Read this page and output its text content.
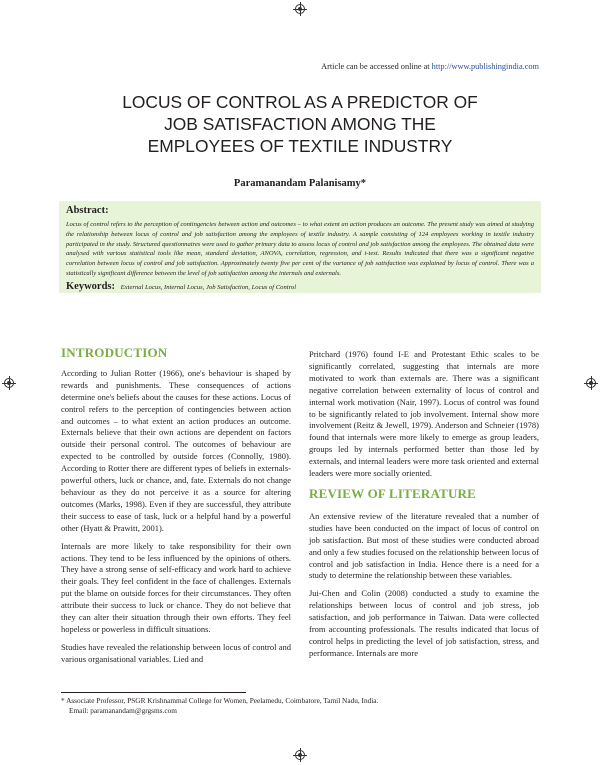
Article can be accessed online at http://www.publishingindia.com
LOCUS OF CONTROL AS A PREDICTOR OF
JOB SATISFACTION AMONG THE
EMPLOYEES OF TEXTILE INDUSTRY
Paramanandam Palanisamy*
Abstract:
Locus of control refers to the perception of contingencies between action and outcomes – to what extent an action produces an outcome. The present study was aimed at studying the relationship between locus of control and job satisfaction among the employees of textile industry. A sample consisting of 124 employees working in textile industry participated in the study. Structured questionnaires were used to gather primary data to assess locus of control and job satisfaction among the employees. The obtained data were analysed with various statistical tools like mean, standard deviation, ANOVA, correlation, regression, and t-test. Results indicated that there was a significant negative correlation between locus of control and job satisfaction. Approximately twenty five per cent of the variance of job satisfaction was explained by locus of control. There was a statistically significant difference between the level of job satisfaction among the internals and externals.
Keywords: External Locus, Internal Locus, Job Satisfaction, Locus of Control
INTRODUCTION

According to Julian Rotter (1966), one's behaviour is shaped by rewards and punishments. These consequences of actions determine one's beliefs about the causes for these actions. Locus of control refers to the perception of contingencies between action and outcomes – to what extent an action produces an outcome. Externals believe that their own actions are dependent on factors outside their personal control. The outcomes of behaviour are expected to be controlled by outside forces (Connolly, 1980). According to Rotter there are different types of beliefs in externals-powerful others, luck or chance, and, fate. Externals do not change behaviour as they do not perceive it as a source for altering outcomes (Marks, 1998). Even if they are successful, they attribute their success to ease of task, luck or a helpful hand by a powerful other (Hyatt & Prawitt, 2001).

Internals are more likely to take responsibility for their own actions. They tend to be less influenced by the opinions of others. They have a strong sense of self-efficacy and work hard to achieve their goals. They feel confident in the face of challenges. Externals put the blame on outside forces for their circumstances. They often attribute their success to luck or chance. They do not believe that they can alter their situation through their own efforts. They feel hopeless or powerless in difficult situations.

Studies have revealed the relationship between locus of control and various organisational variables. Lied and

Pritchard (1976) found I-E and Protestant Ethic scales to be significantly correlated, suggesting that internals are more motivated to work than externals are. There was a significant negative correlation between externality of locus of control and internal work motivation (Nair, 1997). Locus of control was found to be significantly related to job involvement. Internal show more involvement (Reitz & Jewell, 1979). Anderson and Schneier (1978) found that internals were more likely to emerge as group leaders, groups led by internals performed better than those led by externals, and internal leaders were more task oriented and external leaders were more socially oriented.

REVIEW OF LITERATURE

An extensive review of the literature revealed that a number of studies have been conducted on the impact of locus of control on job satisfaction. But most of these studies were conducted abroad and only a few studies focused on the relationship between locus of control and job satisfaction in India. Hence there is a need for a study to determine the relationship between these variables.

Jui-Chen and Colin (2008) conducted a study to examine the relationships between locus of control and job stress, job satisfaction, and job performance in Taiwan. Data were collected from accounting professionals. The results indicated that locus of control helps in predicting the level of job satisfaction, stress, and performance. Internals are more

* Associate Professor, PSGR Krishnammal College for Women, Peelamedu, Coimbatore, Tamil Nadu, India.
Email: paramanandam@grgsms.com
